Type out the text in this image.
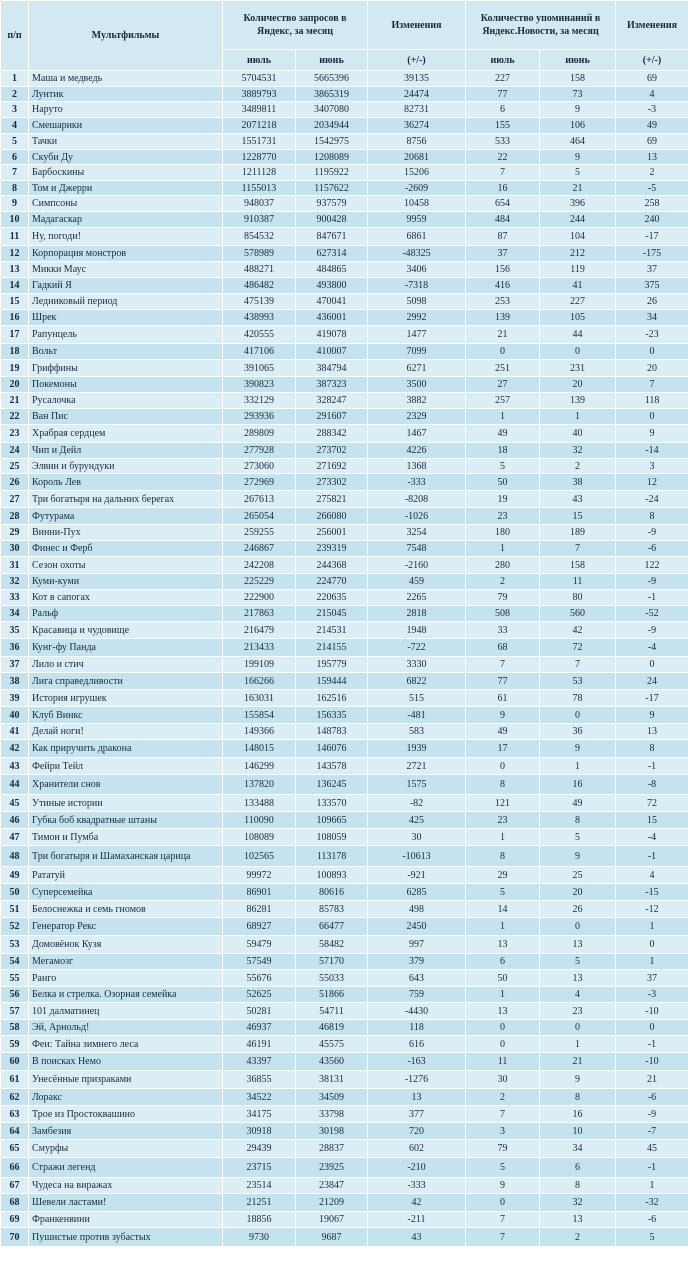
п/п	Мультфильмы	Количество запросов в Яндекс, за месяц		Изменения	Количество упоминаний в Яндекс.Новости, за месяц		Изменения
		июль	июнь	(+/-)	июль	июнь	(+/-)
1	Маша и медведь	5704531	5665396	39135	227	158	69
2	Лунтик	3889793	3865319	24474	77	73	4
3	Наруто	3489811	3407080	82731	6	9	-3
4	Смешарики	2071218	2034944	36274	155	106	49
5	Тачки	1551731	1542975	8756	533	464	69
6	Скуби Ду	1228770	1208089	20681	22	9	13
7	Барбоскины	1211128	1195922	15206	7	5	2
8	Том и Джерри	1155013	1157622	-2609	16	21	-5
9	Симпсоны	948037	937579	10458	654	396	258
10	Мадагаскар	910387	900428	9959	484	244	240
11	Ну, погоди!	854532	847671	6861	87	104	-17
12	Корпорация монстров	578989	627314	-48325	37	212	-175
13	Микки Маус	488271	484865	3406	156	119	37
14	Гадкий Я	486482	493800	-7318	416	41	375
15	Ледниковый период	475139	470041	5098	253	227	26
16	Шрек	438993	436001	2992	139	105	34
17	Рапунцель	420555	419078	1477	21	44	-23
18	Вольт	417106	410007	7099	0	0	0
19	Гриффины	391065	384794	6271	251	231	20
20	Покемоны	390823	387323	3500	27	20	7
21	Русалочка	332129	328247	3882	257	139	118
22	Ван Пис	293936	291607	2329	1	1	0
23	Храбрая сердцем	289809	288342	1467	49	40	9
24	Чип и Дейл	277928	273702	4226	18	32	-14
25	Элвин и бурундуки	273060	271692	1368	5	2	3
26	Король Лев	272969	273302	-333	50	38	12
27	Три богатыря на дальних берегах	267613	275821	-8208	19	43	-24
28	Футурама	265054	266080	-1026	23	15	8
29	Винни-Пух	259255	256001	3254	180	189	-9
30	Финес и Ферб	246867	239319	7548	1	7	-6
31	Сезон охоты	242208	244368	-2160	280	158	122
32	Куми-куми	225229	224770	459	2	11	-9
33	Кот в сапогах	222900	220635	2265	79	80	-1
34	Ральф	217863	215045	2818	508	560	-52
35	Красавица и чудовище	216479	214531	1948	33	42	-9
36	Кунг-фу Панда	213433	214155	-722	68	72	-4
37	Лило и стич	199109	195779	3330	7	7	0
38	Лига справедливости	166266	159444	6822	77	53	24
39	История игрушек	163031	162516	515	61	78	-17
40	Клуб Винкс	155854	156335	-481	9	0	9
41	Делай ноги!	149366	148783	583	49	36	13
42	Как приручить дракона	148015	146076	1939	17	9	8
43	Фейри Тейл	146299	143578	2721	0	1	-1
44	Хранители снов	137820	136245	1575	8	16	-8
45	Утиные истории	133488	133570	-82	121	49	72
46	Губка боб квадратные штаны	110090	109665	425	23	8	15
47	Тимон и Пумба	108089	108059	30	1	5	-4
48	Три богатыря и Шамаханская царица	102565	113178	-10613	8	9	-1
49	Рататуй	99972	100893	-921	29	25	4
50	Суперсемейка	86901	80616	6285	5	20	-15
51	Белоснежка и семь гномов	86281	85783	498	14	26	-12
52	Генератор Рекс	68927	66477	2450	1	0	1
53	Домовёнок Кузя	59479	58482	997	13	13	0
54	Мегамозг	57549	57170	379	6	5	1
55	Ранго	55676	55033	643	50	13	37
56	Белка и стрелка. Озорная семейка	52625	51866	759	1	4	-3
57	101 далматинец	50281	54711	-4430	13	23	-10
58	Эй, Арнольд!	46937	46819	118	0	0	0
59	Феи: Тайна зимнего леса	46191	45575	616	0	1	-1
60	В поисках Немо	43397	43560	-163	11	21	-10
61	Унесённые призраками	36855	38131	-1276	30	9	21
62	Лоракс	34522	34509	13	2	8	-6
63	Трое из Простоквашино	34175	33798	377	7	16	-9
64	Замбезия	30918	30198	720	3	10	-7
65	Смурфы	29439	28837	602	79	34	45
66	Стражи легенд	23715	23925	-210	5	6	-1
67	Чудеса на виражах	23514	23847	-333	9	8	1
68	Шевели ластами!	21251	21209	42	0	32	-32
69	Франкенвини	18856	19067	-211	7	13	-6
70	Пушистые против зубастых	9730	9687	43	7	2	5
